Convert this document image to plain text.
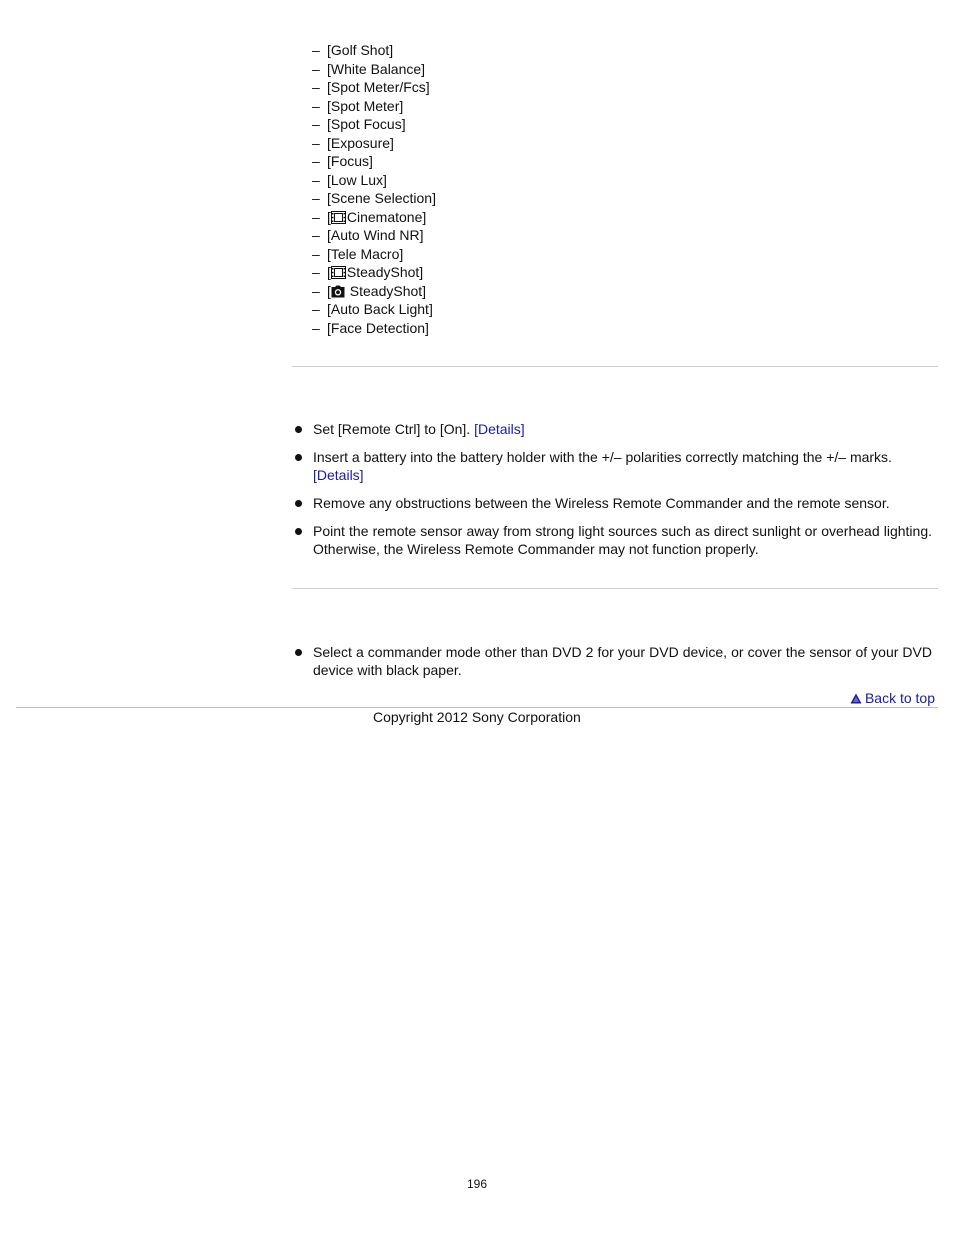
– [Golf Shot]
– [White Balance]
– [Spot Meter/Fcs]
– [Spot Meter]
– [Spot Focus]
– [Exposure]
– [Focus]
– [Low Lux]
– [Scene Selection]
– [ Cinematone]
– [Auto Wind NR]
– [Tele Macro]
– [ SteadyShot]
– [ SteadyShot]
– [Auto Back Light]
– [Face Detection]
Set [Remote Ctrl] to [On]. [Details]
Insert a battery into the battery holder with the +/– polarities correctly matching the +/– marks. [Details]
Remove any obstructions between the Wireless Remote Commander and the remote sensor.
Point the remote sensor away from strong light sources such as direct sunlight or overhead lighting. Otherwise, the Wireless Remote Commander may not function properly.
Select a commander mode other than DVD 2 for your DVD device, or cover the sensor of your DVD device with black paper.
Back to top
Copyright 2012 Sony Corporation
196
